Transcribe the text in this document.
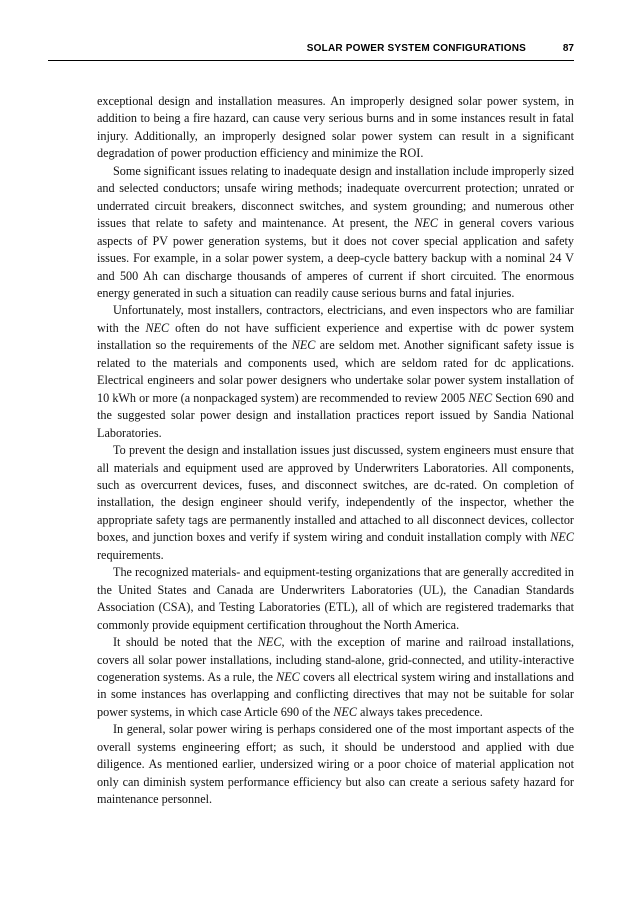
SOLAR POWER SYSTEM CONFIGURATIONS	87

exceptional design and installation measures. An improperly designed solar power system, in addition to being a fire hazard, can cause very serious burns and in some instances result in fatal injury. Additionally, an improperly designed solar power system can result in a significant degradation of power production efficiency and minimize the ROI.

Some significant issues relating to inadequate design and installation include improperly sized and selected conductors; unsafe wiring methods; inadequate overcurrent protection; unrated or underrated circuit breakers, disconnect switches, and system grounding; and numerous other issues that relate to safety and maintenance. At present, the NEC in general covers various aspects of PV power generation systems, but it does not cover special application and safety issues. For example, in a solar power system, a deep-cycle battery backup with a nominal 24 V and 500 Ah can discharge thousands of amperes of current if short circuited. The enormous energy generated in such a situation can readily cause serious burns and fatal injuries.

Unfortunately, most installers, contractors, electricians, and even inspectors who are familiar with the NEC often do not have sufficient experience and expertise with dc power system installation so the requirements of the NEC are seldom met. Another significant safety issue is related to the materials and components used, which are seldom rated for dc applications. Electrical engineers and solar power designers who undertake solar power system installation of 10 kWh or more (a nonpackaged system) are recommended to review 2005 NEC Section 690 and the suggested solar power design and installation practices report issued by Sandia National Laboratories.

To prevent the design and installation issues just discussed, system engineers must ensure that all materials and equipment used are approved by Underwriters Laboratories. All components, such as overcurrent devices, fuses, and disconnect switches, are dc-rated. On completion of installation, the design engineer should verify, independently of the inspector, whether the appropriate safety tags are permanently installed and attached to all disconnect devices, collector boxes, and junction boxes and verify if system wiring and conduit installation comply with NEC requirements.

The recognized materials- and equipment-testing organizations that are generally accredited in the United States and Canada are Underwriters Laboratories (UL), the Canadian Standards Association (CSA), and Testing Laboratories (ETL), all of which are registered trademarks that commonly provide equipment certification throughout the North America.

It should be noted that the NEC, with the exception of marine and railroad installations, covers all solar power installations, including stand-alone, grid-connected, and utility-interactive cogeneration systems. As a rule, the NEC covers all electrical system wiring and installations and in some instances has overlapping and conflicting directives that may not be suitable for solar power systems, in which case Article 690 of the NEC always takes precedence.

In general, solar power wiring is perhaps considered one of the most important aspects of the overall systems engineering effort; as such, it should be understood and applied with due diligence. As mentioned earlier, undersized wiring or a poor choice of material application not only can diminish system performance efficiency but also can create a serious safety hazard for maintenance personnel.
